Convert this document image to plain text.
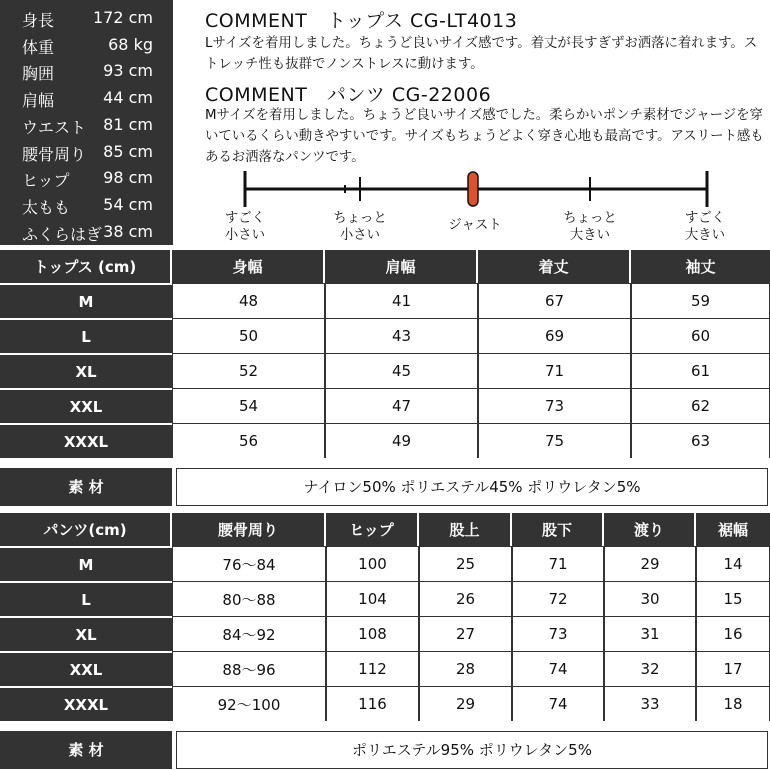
身長 172 cm
体重	68 kg
胸囲	93 cm
肩幅	44 cm
ウエスト 81 cm
腰骨周り 85 cm
ヒップ 98 cm
太もも 54 cm
ふくらはぎ 38 cm
COMMENT　トップス CG-LT4013
Lサイズを着用しました。ちょうど良いサイズ感です。着丈が長すぎずお洒落に着れます。ストレッチ性も抜群でノンストレスに動けます。
COMMENT　パンツ CG-22006
Mサイズを着用しました。ちょうど良いサイズ感でした。柔らかいポンチ素材でジャージを穿いているくらい動きやすいです。サイズもちょうどよく穿き心地も最高です。アスリート感もあるお洒落なパンツです。
すごく
小さい
ちょっと
小さい
ジャスト	ちょっと
大きい
すごく
大きい
トップス (cm)	身幅	肩幅	着丈	袖丈
M	48	41	67	59
L	50	43	69	60
XL	52	45	71	61
XXL	54	47	73	62
XXXL	56	49	75	63
素 材	ナイロン50% ポリエステル45% ポリウレタン5%
パンツ(cm)	腰骨周り	ヒップ	股上	股下	渡り	裾幅
M	76～84	100	25	71	29	14
L	80～88	104	26	72	30	15
XL	84～92	108	27	73	31	16
XXL	88～96	112	28	74	32	17
XXXL	92～100	116	29	74	33	18
素 材	ポリエステル95% ポリウレタン5%
